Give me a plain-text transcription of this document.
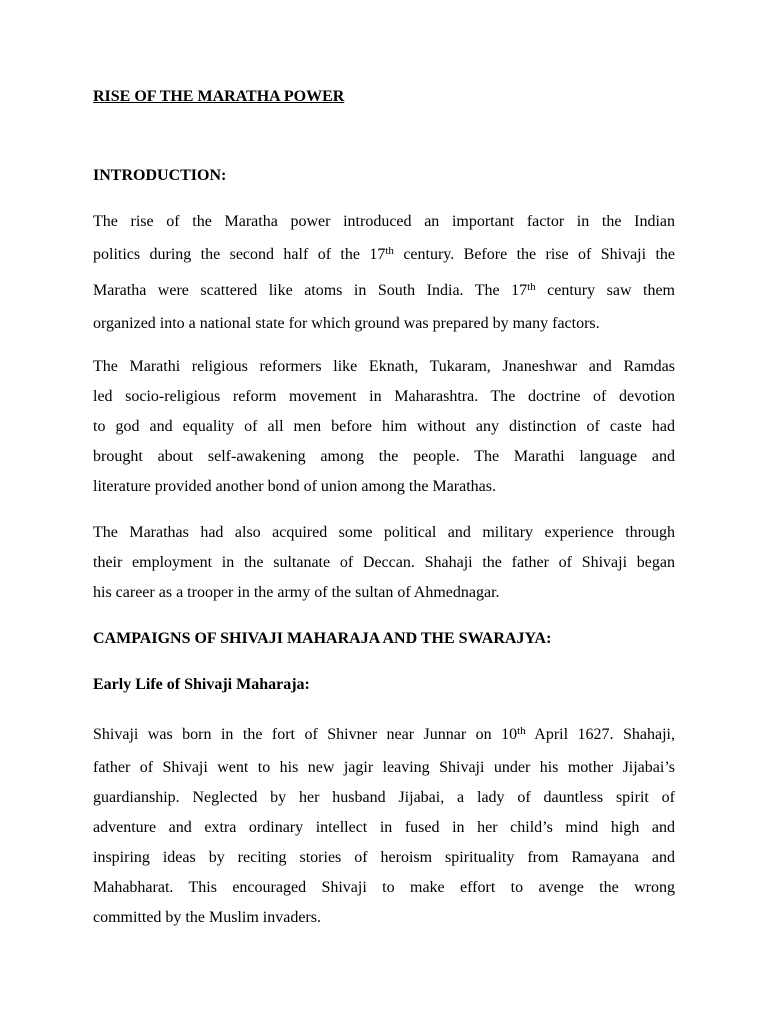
RISE OF THE MARATHA POWER
INTRODUCTION:
The rise of the Maratha power introduced an important factor in the Indian
politics during the second half of the 17th century. Before the rise of Shivaji the
Maratha were scattered like atoms in South India. The 17th century saw them
organized into a national state for which ground was prepared by many factors.
The Marathi religious reformers like Eknath, Tukaram, Jnaneshwar and Ramdas
led socio-religious reform movement in Maharashtra. The doctrine of devotion
to god and equality of all men before him without any distinction of caste had
brought about self-awakening among the people. The Marathi language and
literature provided another bond of union among the Marathas.
The Marathas had also acquired some political and military experience through
their employment in the sultanate of Deccan. Shahaji the father of Shivaji began
his career as a trooper in the army of the sultan of Ahmednagar.
CAMPAIGNS OF SHIVAJI MAHARAJA AND THE SWARAJYA:
Early Life of Shivaji Maharaja:
Shivaji was born in the fort of Shivner near Junnar on 10th April 1627. Shahaji,
father of Shivaji went to his new jagir leaving Shivaji under his mother Jijabai’s
guardianship. Neglected by her husband Jijabai, a lady of dauntless spirit of
adventure and extra ordinary intellect in fused in her child’s mind high and
inspiring ideas by reciting stories of heroism spirituality from Ramayana and
Mahabharat. This encouraged Shivaji to make effort to avenge the wrong
committed by the Muslim invaders.
